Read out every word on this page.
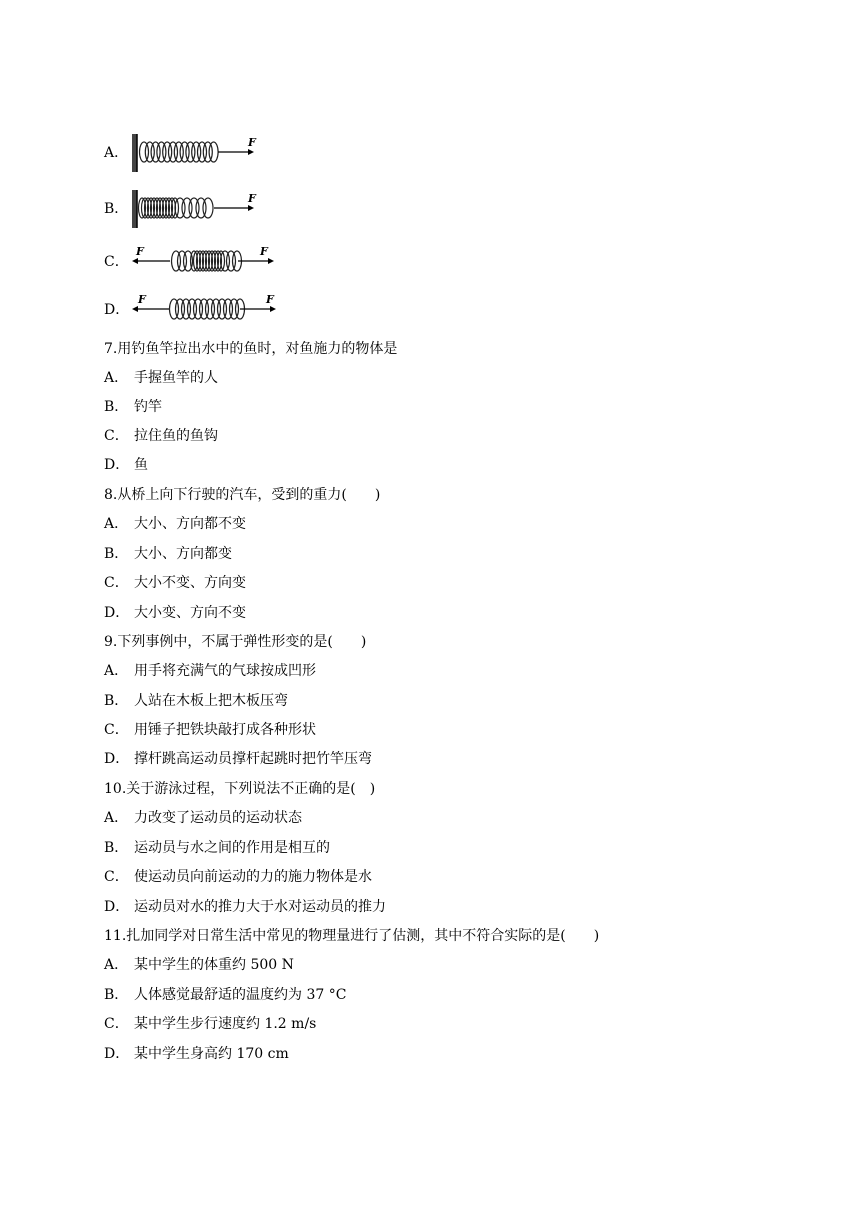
A．
F
B．
F
C．
F	F
D．
F	F
7.用钓鱼竿拉出水中的鱼时，对鱼施力的物体是
A． 手握鱼竿的人
B． 钓竿
C． 拉住鱼的鱼钩
D． 鱼
8.从桥上向下行驶的汽车，受到的重力(　　)
A． 大小、方向都不变
B． 大小、方向都变
C． 大小不变、方向变
D． 大小变、方向不变
9.下列事例中，不属于弹性形变的是(　　)
A． 用手将充满气的气球按成凹形
B． 人站在木板上把木板压弯
C． 用锤子把铁块敲打成各种形状
D． 撑杆跳高运动员撑杆起跳时把竹竿压弯
10.关于游泳过程，下列说法不正确的是(　)
A． 力改变了运动员的运动状态
B． 运动员与水之间的作用是相互的
C． 使运动员向前运动的力的施力物体是水
D． 运动员对水的推力大于水对运动员的推力
11.扎加同学对日常生活中常见的物理量进行了估测，其中不符合实际的是(　　)
A． 某中学生的体重约 500 N
B． 人体感觉最舒适的温度约为 37 °C
C． 某中学生步行速度约 1.2 m/s
D． 某中学生身高约 170 cm
